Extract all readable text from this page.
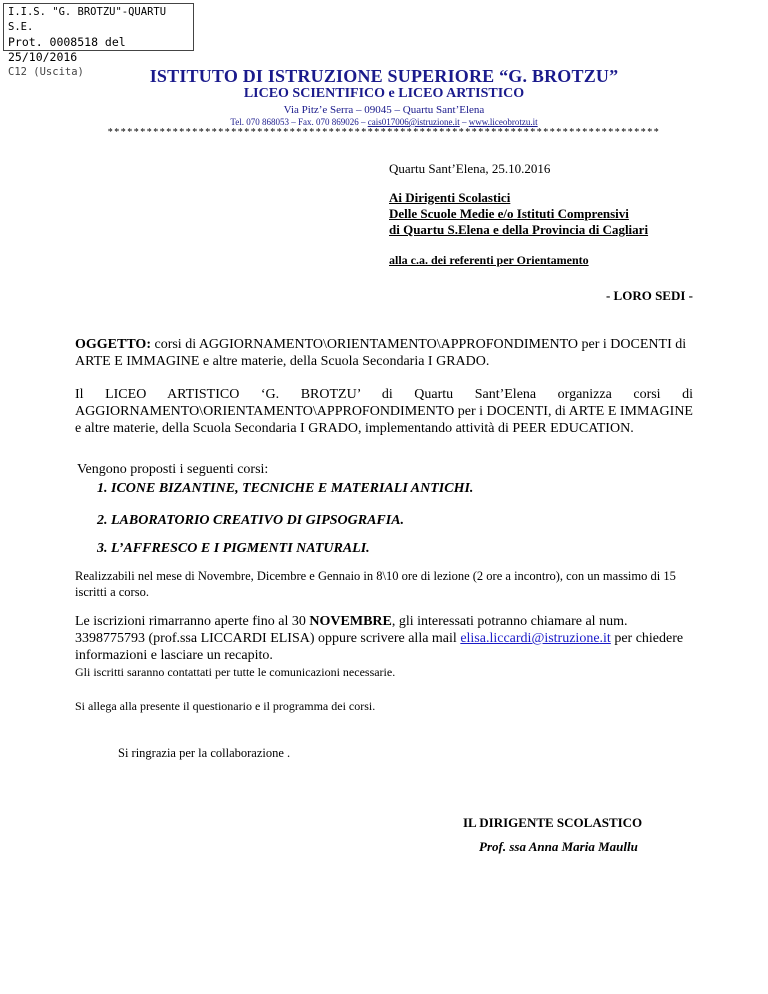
I.I.S. "G. BROTZU"-QUARTU S.E.
Prot. 0008518 del 25/10/2016
C12 (Uscita)	ISTITUTO DI ISTRUZIONE SUPERIORE “G. BROTZU”
LICEO SCIENTIFICO e LICEO ARTISTICO
Via Pitz’e Serra – 09045 – Quartu Sant’Elena
Tel. 070 868053 – Fax. 070 869026 – cais017006@istruzione.it – www.liceobrotzu.it
*************************************************************************************
Quartu Sant’Elena, 25.10.2016
Ai Dirigenti Scolastici
Delle Scuole Medie e/o Istituti Comprensivi
di Quartu S.Elena e della Provincia di Cagliari
alla c.a. dei referenti per Orientamento
- LORO SEDI -
OGGETTO: corsi di AGGIORNAMENTO\ORIENTAMENTO\APPROFONDIMENTO per i DOCENTI di ARTE E IMMAGINE e altre materie, della Scuola Secondaria I GRADO.
Il LICEO ARTISTICO ‘G. BROTZU’ di Quartu Sant’Elena organizza corsi di AGGIORNAMENTO\ORIENTAMENTO\APPROFONDIMENTO per i DOCENTI, di ARTE E IMMAGINE e altre materie, della Scuola Secondaria I GRADO, implementando attività di PEER EDUCATION.
Vengono proposti i seguenti corsi:
1. ICONE BIZANTINE, TECNICHE E MATERIALI ANTICHI.
2. LABORATORIO CREATIVO DI GIPSOGRAFIA.
3. L’AFFRESCO E I PIGMENTI NATURALI.
Realizzabili nel mese di Novembre, Dicembre e Gennaio in 8\10 ore di lezione (2 ore a incontro), con un massimo di 15 iscritti a corso.
Le iscrizioni rimarranno aperte fino al 30 NOVEMBRE, gli interessati potranno chiamare al num. 3398775793 (prof.ssa LICCARDI ELISA) oppure scrivere alla mail elisa.liccardi@istruzione.it per chiedere informazioni e lasciare un recapito.
Gli iscritti saranno contattati per tutte le comunicazioni necessarie.
Si allega alla presente il questionario e il programma dei corsi.
Si ringrazia per la collaborazione .
IL DIRIGENTE SCOLASTICO
Prof. ssa Anna Maria Maullu
